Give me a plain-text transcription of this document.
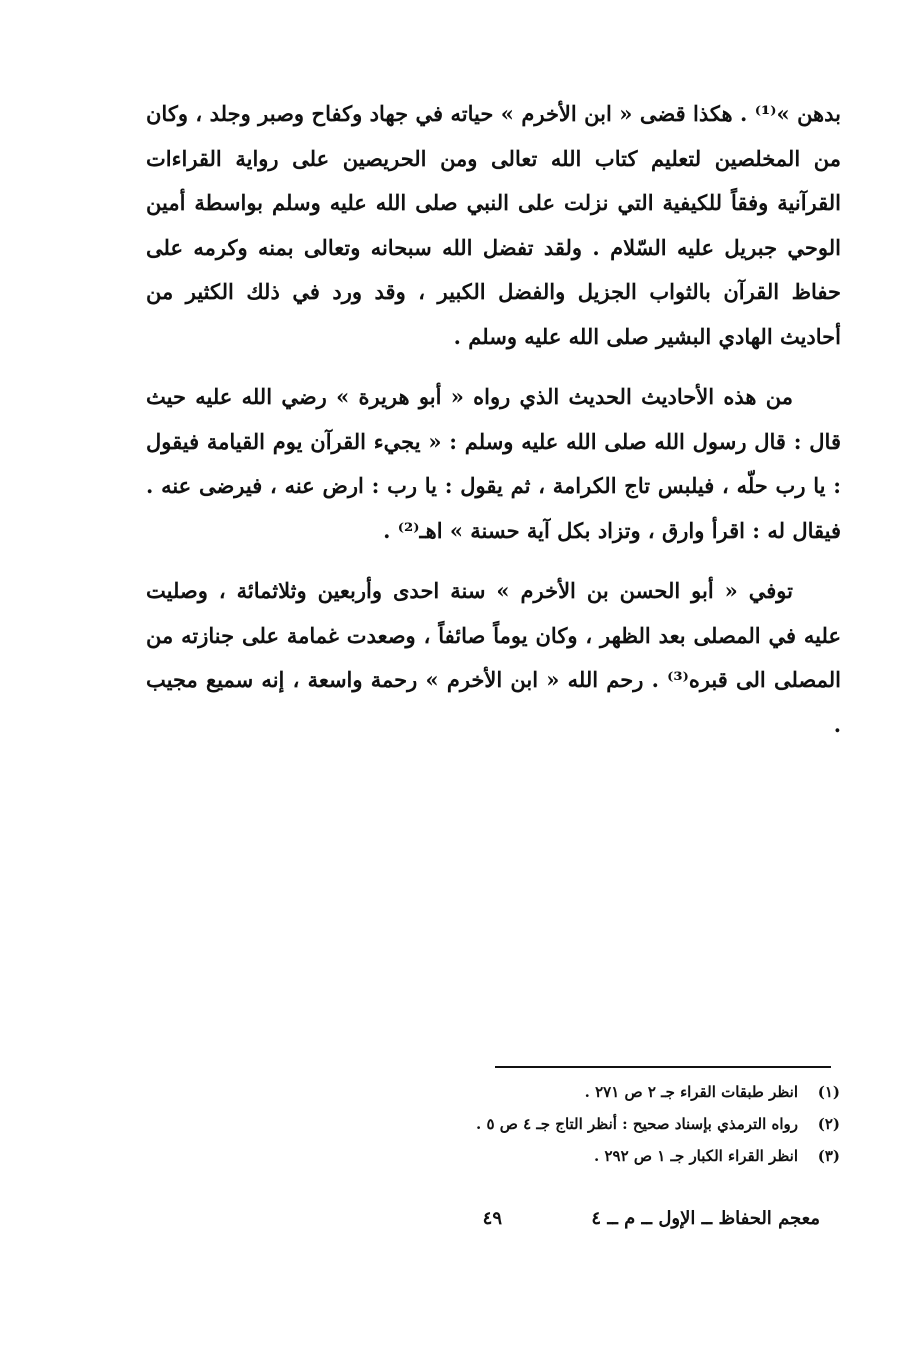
بدهن »⁽¹⁾ . هكذا قضى « ابن الأخرم » حياته في جهاد وكفاح وصبر وجلد ، وكان من المخلصين لتعليم كتاب الله تعالى ومن الحريصين على رواية القراءات القرآنية وفقاً للكيفية التي نزلت على النبي صلى الله عليه وسلم بواسطة أمين الوحي جبريل عليه السّلام . ولقد تفضل الله سبحانه وتعالى بمنه وكرمه على حفاظ القرآن بالثواب الجزيل والفضل الكبير ، وقد ورد في ذلك الكثير من أحاديث الهادي البشير صلى الله عليه وسلم .

من هذه الأحاديث الحديث الذي رواه « أبو هريرة » رضي الله عليه حيث قال : قال رسول الله صلى الله عليه وسلم : « يجيء القرآن يوم القيامة فيقول : يا رب حلّه ، فيلبس تاج الكرامة ، ثم يقول : يا رب : ارض عنه ، فيرضى عنه . فيقال له : اقرأ وارق ، وتزاد بكل آية حسنة » اهـ⁽²⁾ .

توفي « أبو الحسن بن الأخرم » سنة احدى وأربعين وثلاثمائة ، وصليت عليه في المصلى بعد الظهر ، وكان يوماً صائفاً ، وصعدت غمامة على جنازته من المصلى الى قبره⁽³⁾ . رحم الله « ابن الأخرم » رحمة واسعة ، إنه سميع مجيب .

(١)
انظر طبقات القراء جـ ٢ ص ٢٧١ .
(٢)
رواه الترمذي بإسناد صحيح : أنظر التاج جـ ٤ ص ٥ .
(٣)
انظر القراء الكبار جـ ١ ص ٢٩٢ .
معجم الحفاظ ــ الإول ــ م ــ ٤
٤٩
